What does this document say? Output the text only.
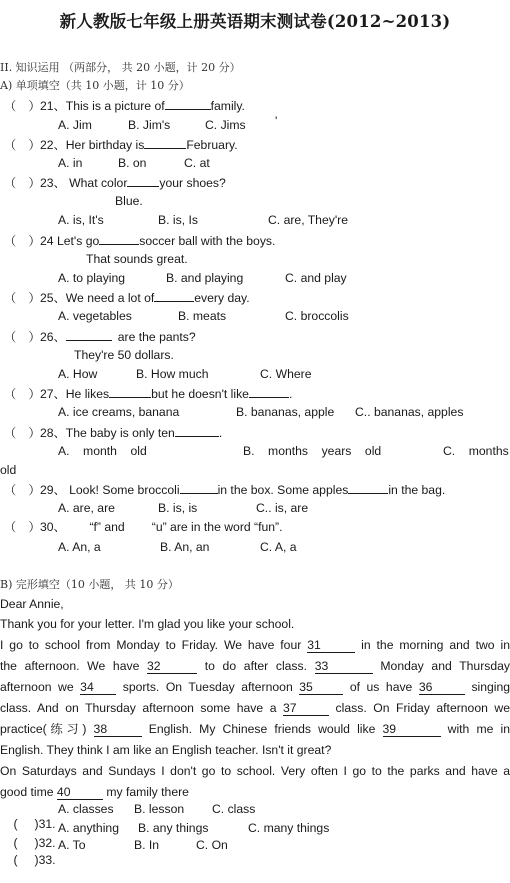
新人教版七年级上册英语期末测试卷(2012~2013)
II. 知识运用 （两部分， 共 20 小题，计 20 分）
A) 单项填空（共 10 小题，计 10 分）
（　）21、This is a picture of	family.
A. Jim	B. Jim's	C. Jims '
（　）22、Her birthday is	February.
A. in	B. on	C. at
（　）23、 What color	your shoes?
Blue.
A. is, It's	B. is, Is	C. are, They're
（　）24 Let's go	soccer ball with the boys.
That sounds great.
A. to playing	B. and playing	C. and play
（　）25、We need a lot of	every day.
A. vegetables	B. meats	C. broccolis
（　）26、	are the pants?
They're 50 dollars.
A. How	B. How much	C. Where
（　）27、He likes	but he doesn't like	.
A. ice creams, banana	B. bananas, apple C.. bananas, apples
（　）28、The baby is only ten	.
A.    month    old	B.    months    years    old	C.    months
old
（　）29、 Look! Some broccoli	in the box. Some apples	in the bag.
A. are, are	B. is, is	C.. is, are
（　）30、       “f” and        “u” are in the word “fun”.
A. An, a	B. An, an	C. A, a
B) 完形填空（10 小题， 共 10 分）
Dear Annie,
Thank you for your letter. I'm glad you like your school.
I go to school from Monday to Friday. We have four 31	in the morning and two in
the afternoon. We have 32	to do after class. 33	Monday and Thursday
afternoon we 34 sports. On Tuesday afternoon 35	of us have 36	singing
class. And on Thursday afternoon some have a 37	class. On Friday afternoon we
practice(练习) 38	English. My Chinese friends would like 39	with me in
English. They think I am like an English teacher. Isn't it great?
On Saturdays and Sundays I don't go to school. Very often I go to the parks and have a
good time 40	my family there

(     )31.

A. classes B. lesson C. class

(     )32.

A. anything B. any things	C. many things

(     )33.

A. To	B. In	C. On
